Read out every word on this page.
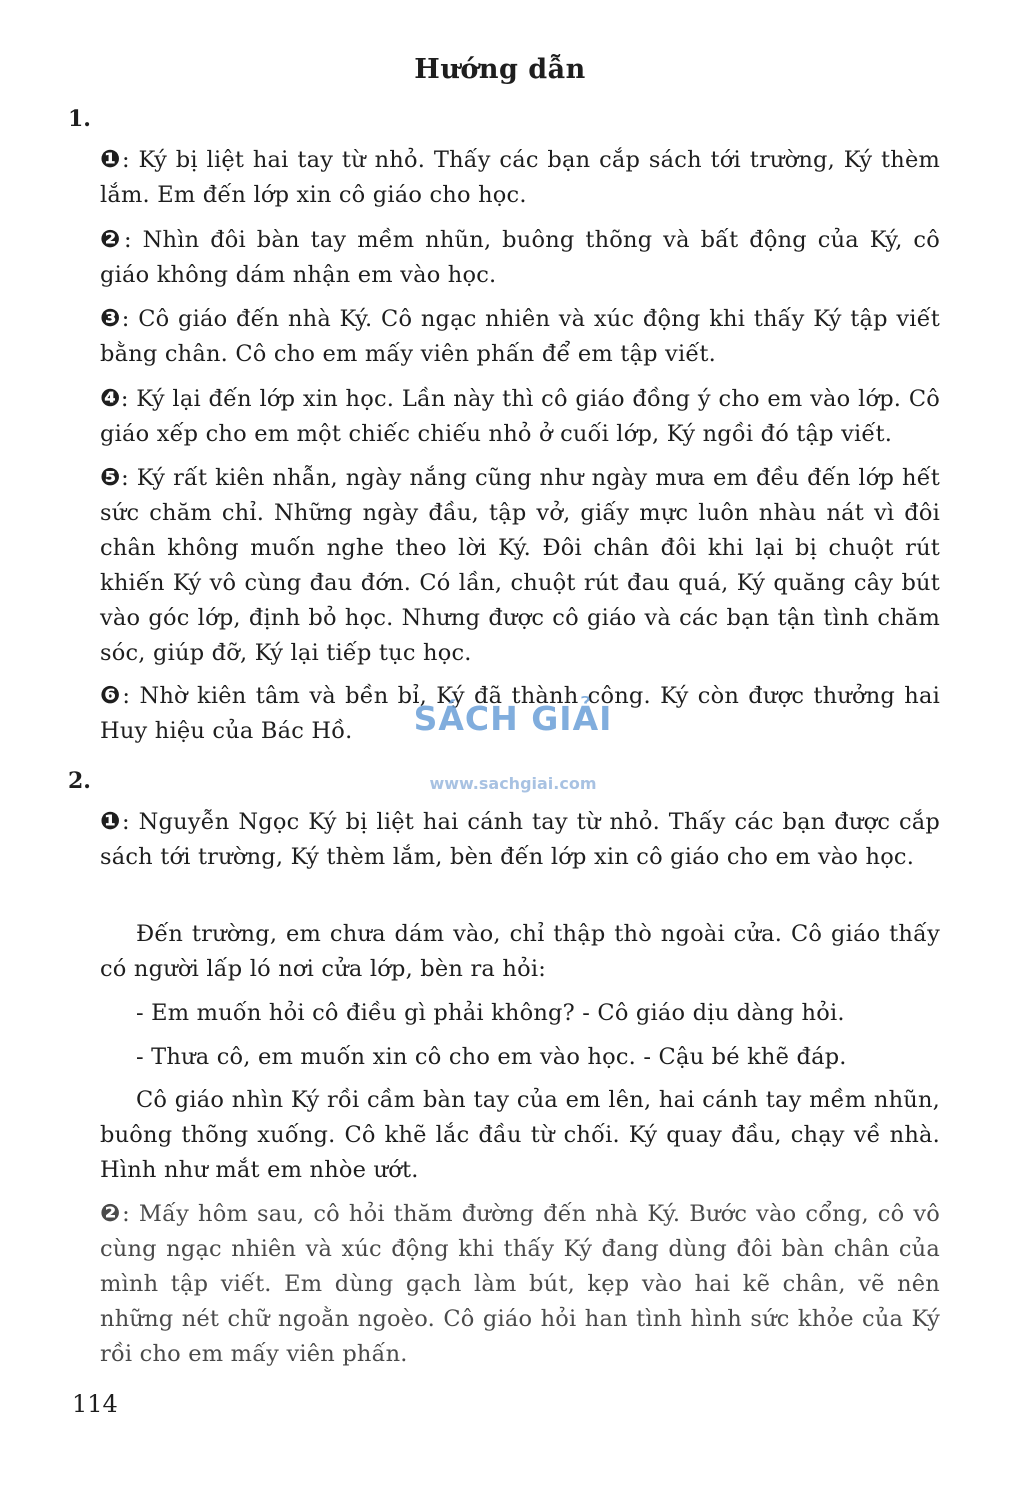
Hướng dẫn
1.

❶: Ký bị liệt hai tay từ nhỏ. Thấy các bạn cắp sách tới trường, Ký thèm lắm. Em đến lớp xin cô giáo cho học.

❷: Nhìn đôi bàn tay mềm nhũn, buông thõng và bất động của Ký, cô giáo không dám nhận em vào học.

❸: Cô giáo đến nhà Ký. Cô ngạc nhiên và xúc động khi thấy Ký tập viết bằng chân. Cô cho em mấy viên phấn để em tập viết.

❹: Ký lại đến lớp xin học. Lần này thì cô giáo đồng ý cho em vào lớp. Cô giáo xếp cho em một chiếc chiếu nhỏ ở cuối lớp, Ký ngồi đó tập viết.

❺: Ký rất kiên nhẫn, ngày nắng cũng như ngày mưa em đều đến lớp hết sức chăm chỉ. Những ngày đầu, tập vở, giấy mực luôn nhàu nát vì đôi chân không muốn nghe theo lời Ký. Đôi chân đôi khi lại bị chuột rút khiến Ký vô cùng đau đớn. Có lần, chuột rút đau quá, Ký quăng cây bút vào góc lớp, định bỏ học. Nhưng được cô giáo và các bạn tận tình chăm sóc, giúp đỡ, Ký lại tiếp tục học.

❻: Nhờ kiên tâm và bền bỉ, Ký đã thành công. Ký còn được thưởng hai Huy hiệu của Bác Hồ.	SÁCH GIẢI
www.sachgiai.com
2.

❶: Nguyễn Ngọc Ký bị liệt hai cánh tay từ nhỏ. Thấy các bạn được cắp sách tới trường, Ký thèm lắm, bèn đến lớp xin cô giáo cho em vào học.

Đến trường, em chưa dám vào, chỉ thập thò ngoài cửa. Cô giáo thấy có người lấp ló nơi cửa lớp, bèn ra hỏi:

- Em muốn hỏi cô điều gì phải không? - Cô giáo dịu dàng hỏi.

- Thưa cô, em muốn xin cô cho em vào học. - Cậu bé khẽ đáp.

Cô giáo nhìn Ký rồi cầm bàn tay của em lên, hai cánh tay mềm nhũn, buông thõng xuống. Cô khẽ lắc đầu từ chối. Ký quay đầu, chạy về nhà. Hình như mắt em nhòe ướt.

❷: Mấy hôm sau, cô hỏi thăm đường đến nhà Ký. Bước vào cổng, cô vô cùng ngạc nhiên và xúc động khi thấy Ký đang dùng đôi bàn chân của mình tập viết. Em dùng gạch làm bút, kẹp vào hai kẽ chân, vẽ nên những nét chữ ngoằn ngoèo. Cô giáo hỏi han tình hình sức khỏe của Ký rồi cho em mấy viên phấn.

114
